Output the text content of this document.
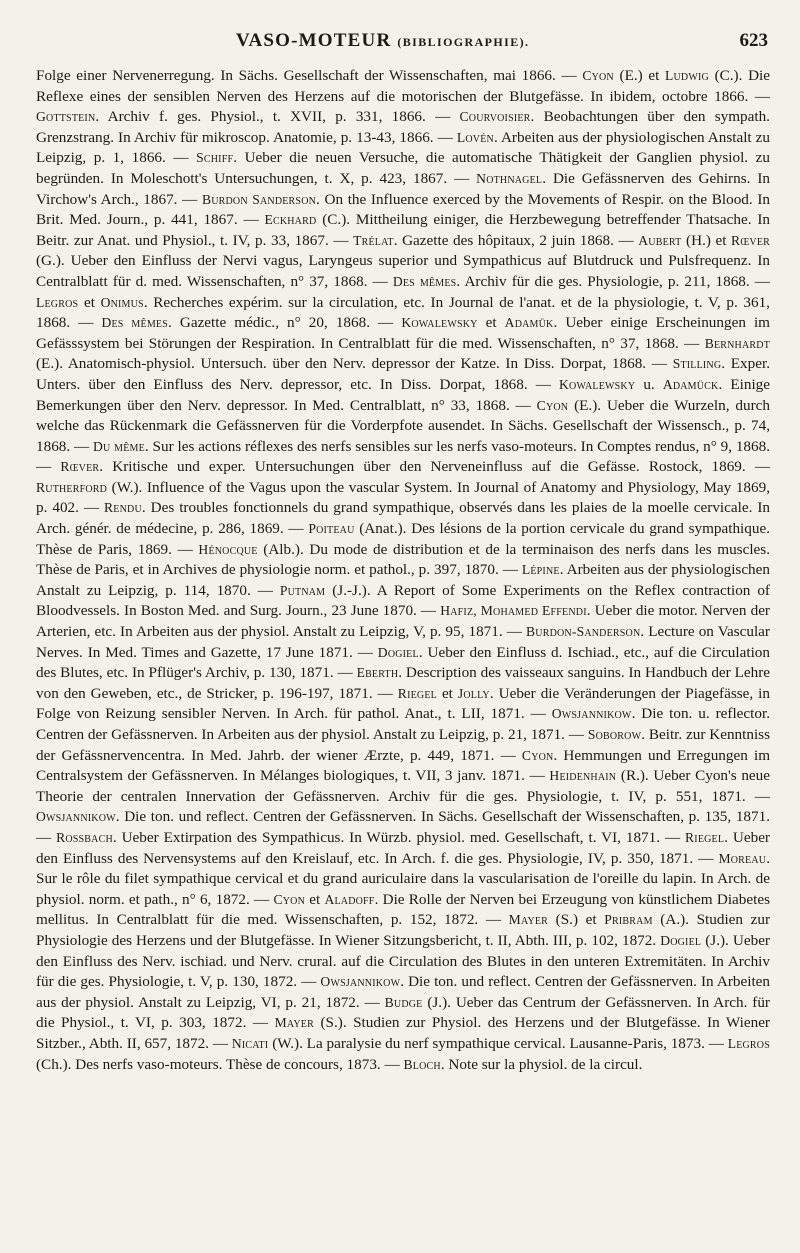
VASO-MOTEUR (BIBLIOGRAPHIE).	623

Folge einer Nervenerregung. In Sächs. Gesellschaft der Wissenschaften, mai 1866. — Cyon (E.) et Ludwig (C.). Die Reflexe eines der sensiblen Nerven des Herzens auf die motorischen der Blutgefässe. In ibidem, octobre 1866. — Gottstein. Archiv f. ges. Physiol., t. XVII, p. 331, 1866. — Courvoisier. Beobachtungen über den sympath. Grenzstrang. In Archiv für mikroscop. Anatomie, p. 13-43, 1866. — Lovén. Arbeiten aus der physiologischen Anstalt zu Leipzig, p. 1, 1866. — Schiff. Ueber die neuen Versuche, die automatische Thätigkeit der Ganglien physiol. zu begründen. In Moleschott's Untersuchungen, t. X, p. 423, 1867. — Nothnagel. Die Gefässnerven des Gehirns. In Virchow's Arch., 1867. — Burdon Sanderson. On the Influence exerced by the Movements of Respir. on the Blood. In Brit. Med. Journ., p. 441, 1867. — Eckhard (C.). Mittheilung einiger, die Herzbewegung betreffender Thatsache. In Beitr. zur Anat. und Physiol., t. IV, p. 33, 1867. — Trélat. Gazette des hôpitaux, 2 juin 1868. — Aubert (H.) et Rœver (G.). Ueber den Einfluss der Nervi vagus, Laryngeus superior und Sympathicus auf Blutdruck und Pulsfrequenz. In Centralblatt für d. med. Wissenschaften, n° 37, 1868. — Des mêmes. Archiv für die ges. Physiologie, p. 211, 1868. — Legros et Onimus. Recherches expérim. sur la circulation, etc. In Journal de l'anat. et de la physiologie, t. V, p. 361, 1868. — Des mêmes. Gazette médic., n° 20, 1868. — Kowalewsky et Adamük. Ueber einige Erscheinungen im Gefässsystem bei Störungen der Respiration. In Centralblatt für die med. Wissenschaften, n° 37, 1868. — Bernhardt (E.). Anatomisch-physiol. Untersuch. über den Nerv. depressor der Katze. In Diss. Dorpat, 1868. — Stilling. Exper. Unters. über den Einfluss des Nerv. depressor, etc. In Diss. Dorpat, 1868. — Kowalewsky u. Adamück. Einige Bemerkungen über den Nerv. depressor. In Med. Centralblatt, n° 33, 1868. — Cyon (E.). Ueber die Wurzeln, durch welche das Rückenmark die Gefässnerven für die Vorderpfote ausendet. In Sächs. Gesellschaft der Wissensch., p. 74, 1868. — Du même. Sur les actions réflexes des nerfs sensibles sur les nerfs vaso-moteurs. In Comptes rendus, n° 9, 1868. — Rœver. Kritische und exper. Untersuchungen über den Nerveneinfluss auf die Gefässe. Rostock, 1869. — Rutherford (W.). Influence of the Vagus upon the vascular System. In Journal of Anatomy and Physiology, May 1869, p. 402. — Rendu. Des troubles fonctionnels du grand sympathique, observés dans les plaies de la moelle cervicale. In Arch. génér. de médecine, p. 286, 1869. — Poiteau (Anat.). Des lésions de la portion cervicale du grand sympathique. Thèse de Paris, 1869. — Hénocque (Alb.). Du mode de distribution et de la terminaison des nerfs dans les muscles. Thèse de Paris, et in Archives de physiologie norm. et pathol., p. 397, 1870. — Lépine. Arbeiten aus der physiologischen Anstalt zu Leipzig, p. 114, 1870. — Putnam (J.-J.). A Report of Some Experiments on the Reflex contraction of Bloodvessels. In Boston Med. and Surg. Journ., 23 June 1870. — Hafiz, Mohamed Effendi. Ueber die motor. Nerven der Arterien, etc. In Arbeiten aus der physiol. Anstalt zu Leipzig, V, p. 95, 1871. — Burdon-Sanderson. Lecture on Vascular Nerves. In Med. Times and Gazette, 17 June 1871. — Dogiel. Ueber den Einfluss d. Ischiad., etc., auf die Circulation des Blutes, etc. In Pflüger's Archiv, p. 130, 1871. — Eberth. Description des vaisseaux sanguins. In Handbuch der Lehre von den Geweben, etc., de Stricker, p. 196-197, 1871. — Riegel et Jolly. Ueber die Veränderungen der Piagefässe, in Folge von Reizung sensibler Nerven. In Arch. für pathol. Anat., t. LII, 1871. — Owsjannikow. Die ton. u. reflector. Centren der Gefässnerven. In Arbeiten aus der physiol. Anstalt zu Leipzig, p. 21, 1871. — Soborow. Beitr. zur Kenntniss der Gefässnervencentra. In Med. Jahrb. der wiener Ærzte, p. 449, 1871. — Cyon. Hemmungen und Erregungen im Centralsystem der Gefässnerven. In Mélanges biologiques, t. VII, 3 janv. 1871. — Heidenhain (R.). Ueber Cyon's neue Theorie der centralen Innervation der Gefässnerven. Archiv für die ges. Physiologie, t. IV, p. 551, 1871. — Owsjannikow. Die ton. und reflect. Centren der Gefässnerven. In Sächs. Gesellschaft der Wissenschaften, p. 135, 1871. — Rossbach. Ueber Extirpation des Sympathicus. In Würzb. physiol. med. Gesellschaft, t. VI, 1871. — Riegel. Ueber den Einfluss des Nervensystems auf den Kreislauf, etc. In Arch. f. die ges. Physiologie, IV, p. 350, 1871. — Moreau. Sur le rôle du filet sympathique cervical et du grand auriculaire dans la vascularisation de l'oreille du lapin. In Arch. de physiol. norm. et path., n° 6, 1872. — Cyon et Aladoff. Die Rolle der Nerven bei Erzeugung von künstlichem Diabetes mellitus. In Centralblatt für die med. Wissenschaften, p. 152, 1872. — Mayer (S.) et Pribram (A.). Studien zur Physiologie des Herzens und der Blutgefässe. In Wiener Sitzungsbericht, t. II, Abth. III, p. 102, 1872. Dogiel (J.). Ueber den Einfluss des Nerv. ischiad. und Nerv. crural. auf die Circulation des Blutes in den unteren Extremitäten. In Archiv für die ges. Physiologie, t. V, p. 130, 1872. — Owsjannikow. Die ton. und reflect. Centren der Gefässnerven. In Arbeiten aus der physiol. Anstalt zu Leipzig, VI, p. 21, 1872. — Budge (J.). Ueber das Centrum der Gefässnerven. In Arch. für die Physiol., t. VI, p. 303, 1872. — Mayer (S.). Studien zur Physiol. des Herzens und der Blutgefässe. In Wiener Sitzber., Abth. II, 657, 1872. — Nicati (W.). La paralysie du nerf sympathique cervical. Lausanne-Paris, 1873. — Legros (Ch.). Des nerfs vaso-moteurs. Thèse de concours, 1873. — Bloch. Note sur la physiol. de la circul.
